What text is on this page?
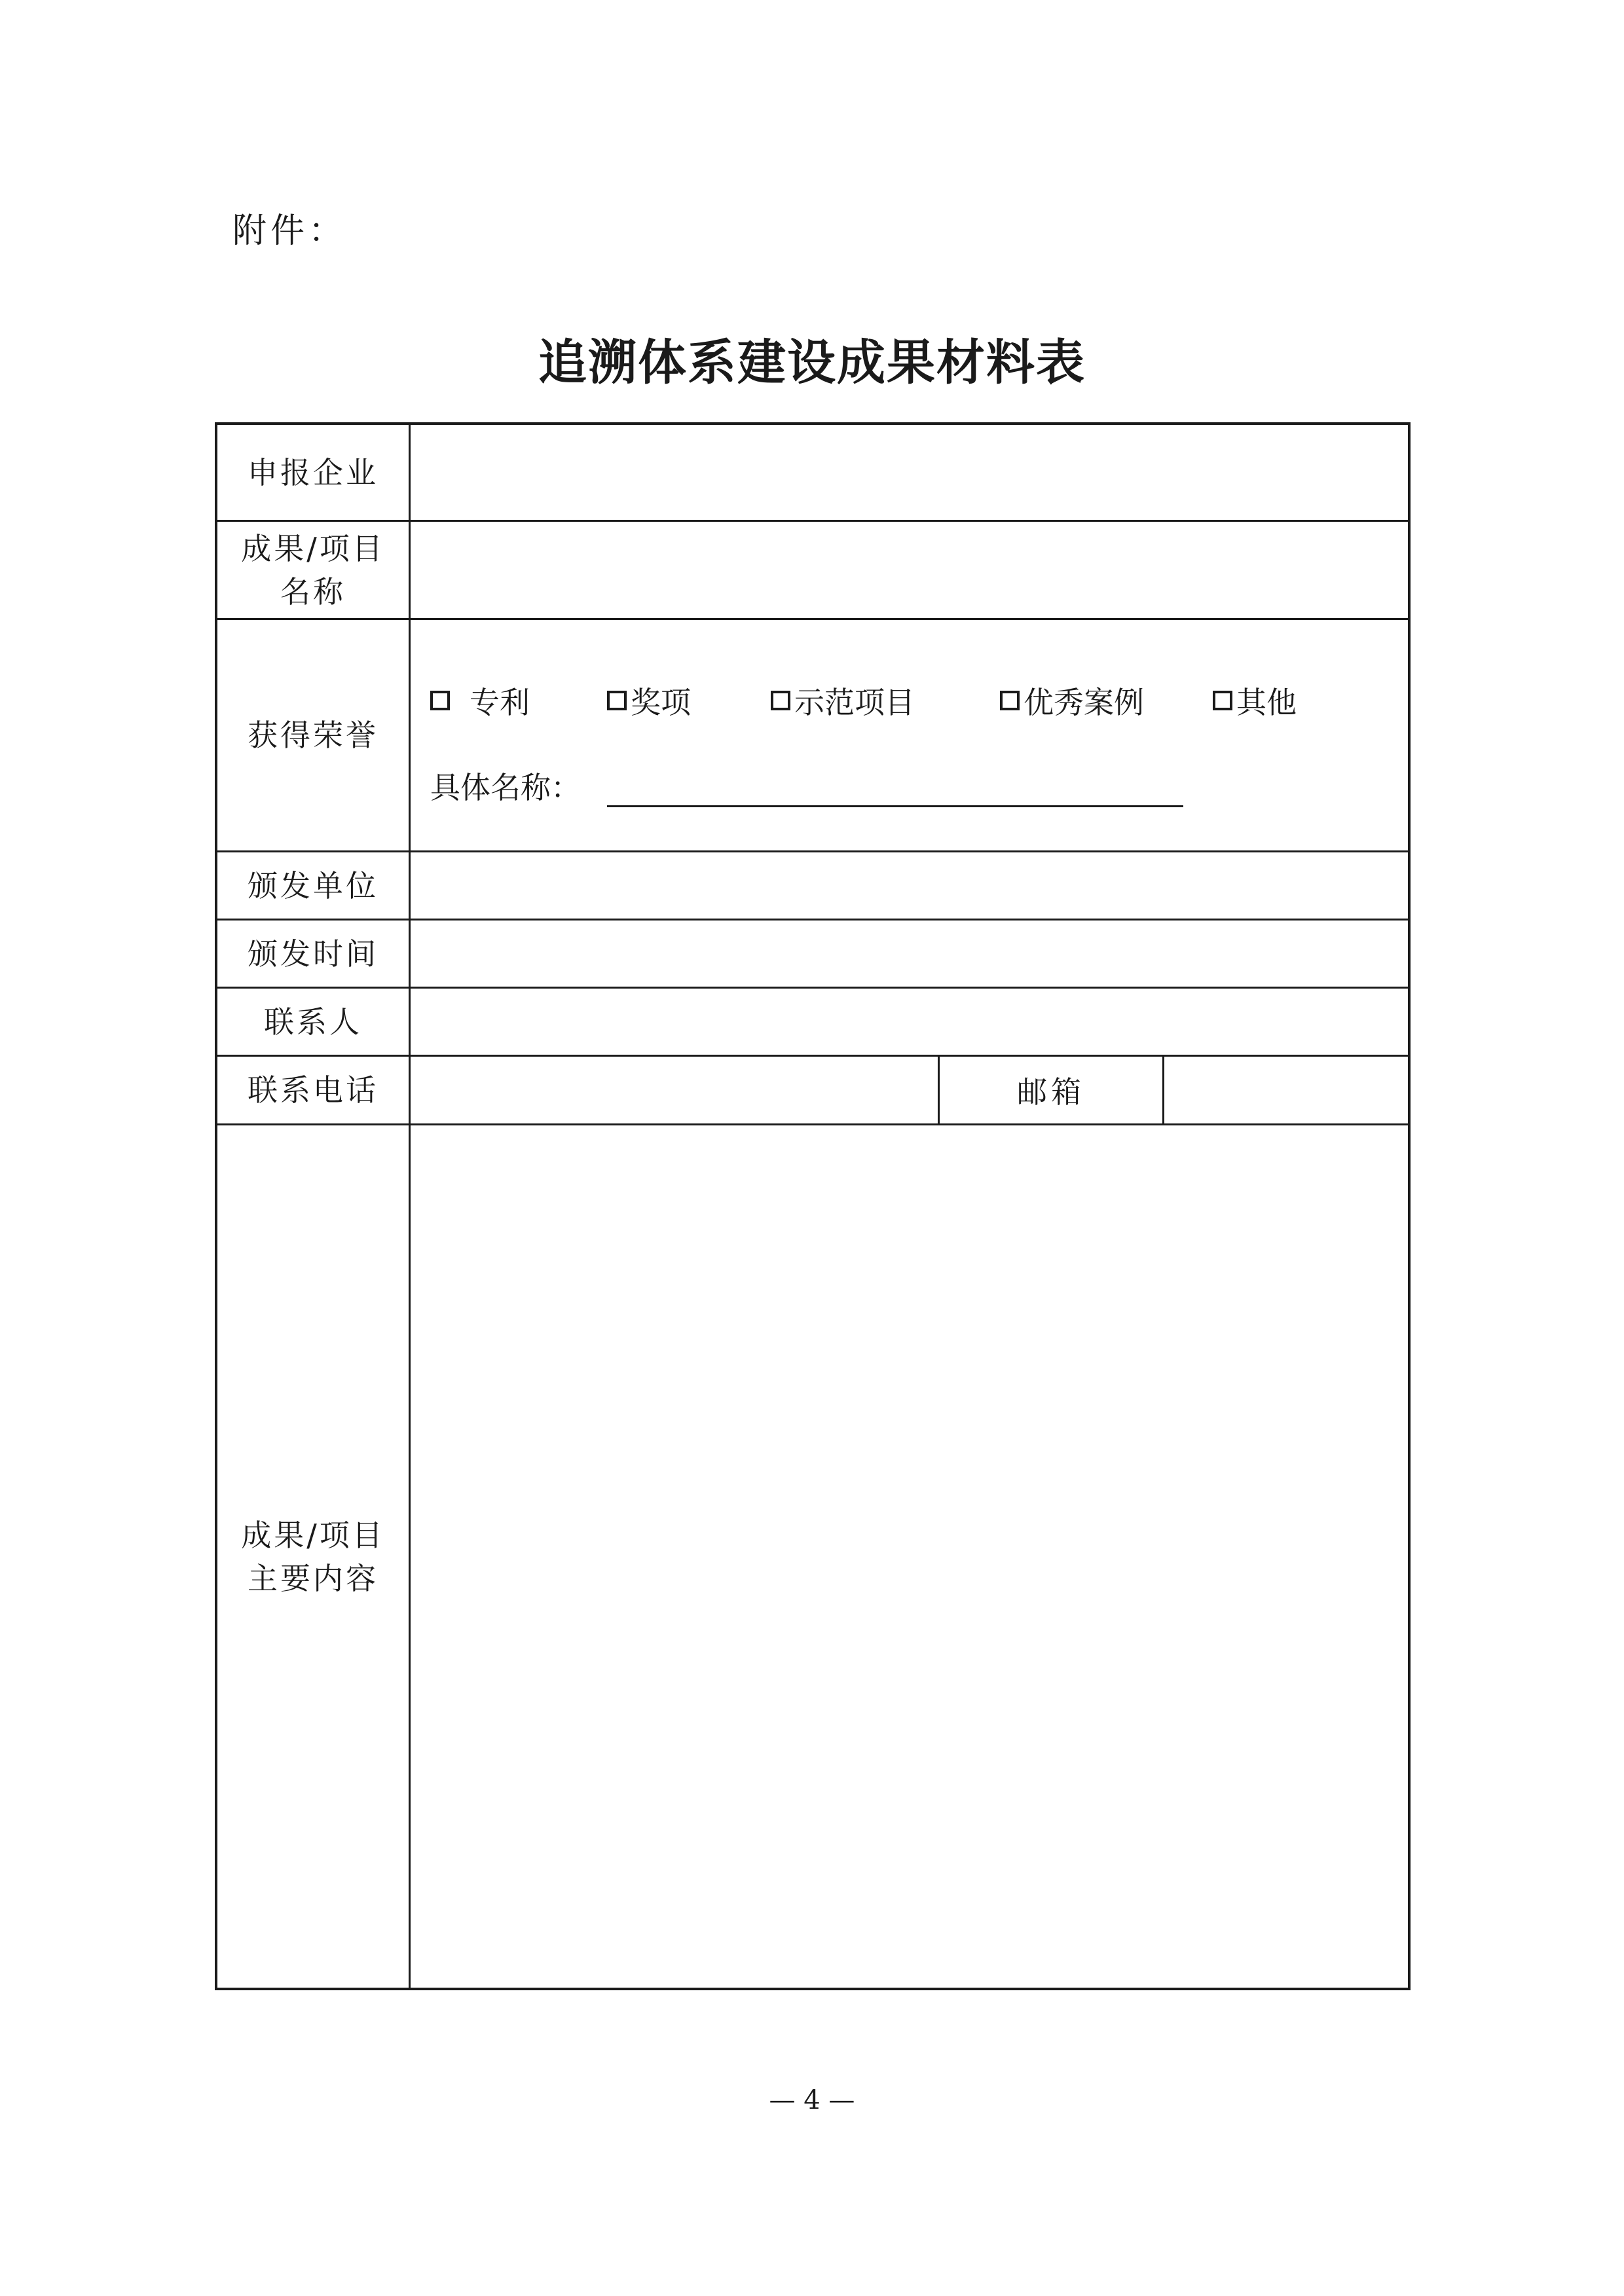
附件：
追溯体系建设成果材料表
申报企业
成果/项目
名称
获得荣誉
专利	奖项	示范项目	优秀案例	其他
具体名称：
颁发单位
颁发时间
联系人
联系电话	邮箱
成果/项目
主要内容
— 4 —
